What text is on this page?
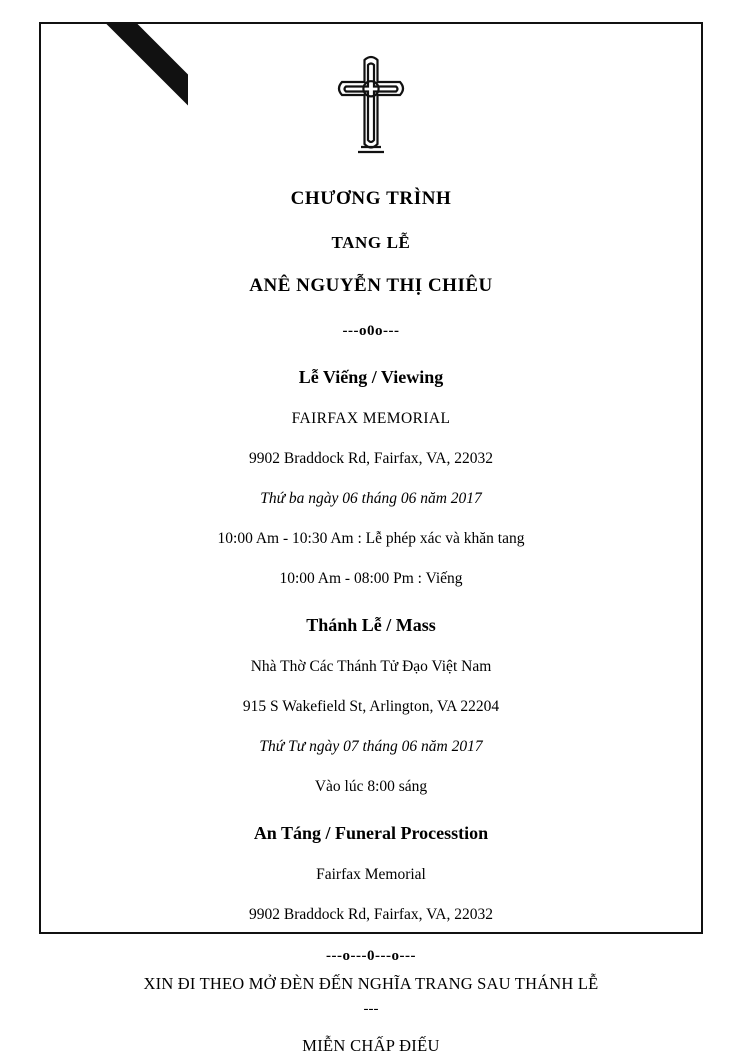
CHƯƠNG TRÌNH
TANG LỄ
ANÊ NGUYỄN THỊ CHIÊU
---o0o---
Lễ Viếng / Viewing
FAIRFAX MEMORIAL
9902 Braddock Rd, Fairfax, VA, 22032
Thứ ba ngày 06 tháng 06 năm 2017
10:00 Am - 10:30 Am : Lễ phép xác và khăn tang
10:00 Am - 08:00 Pm : Viếng
Thánh Lễ / Mass
Nhà Thờ Các Thánh Tử Đạo Việt Nam
915 S Wakefield St, Arlington, VA 22204
Thứ Tư ngày 07 tháng 06 năm 2017
Vào lúc 8:00 sáng
An Táng / Funeral Processtion
Fairfax Memorial
9902 Braddock Rd, Fairfax, VA, 22032
---o---0---o---
XIN ĐI THEO MỞ ĐÈN ĐẾN NGHĨA TRANG SAU THÁNH LỄ
---
MIỄN CHẤP ĐIẾU
